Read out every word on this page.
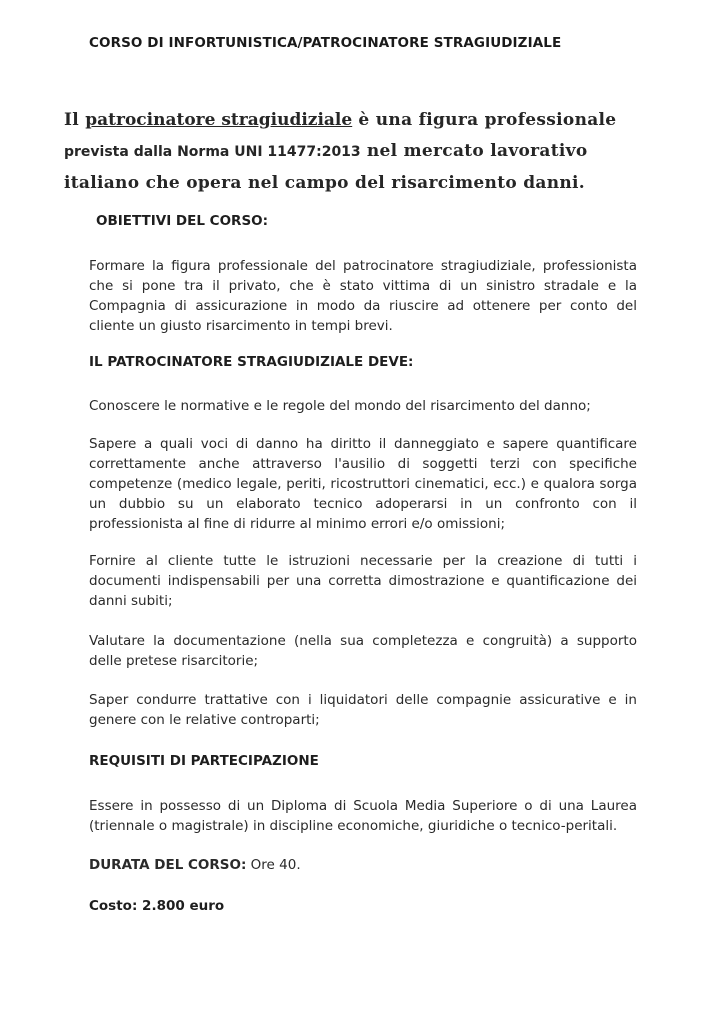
CORSO DI INFORTUNISTICA/PATROCINATORE STRAGIUDIZIALE
Il patrocinatore stragiudiziale è una figura professionale prevista dalla Norma UNI 11477:2013 nel mercato lavorativo italiano che opera nel campo del risarcimento danni.
OBIETTIVI DEL CORSO:
Formare la figura professionale del patrocinatore stragiudiziale, professionista che si pone tra il privato, che è stato vittima di un sinistro stradale e la Compagnia di assicurazione in modo da riuscire ad ottenere per conto del cliente un giusto risarcimento in tempi brevi.
IL PATROCINATORE STRAGIUDIZIALE DEVE:
Conoscere le normative e le regole del mondo del risarcimento del danno;
Sapere a quali voci di danno ha diritto il danneggiato e sapere quantificare correttamente anche attraverso l'ausilio di soggetti terzi con specifiche competenze (medico legale, periti, ricostruttori cinematici, ecc.) e qualora sorga un dubbio su un elaborato tecnico adoperarsi in un confronto con il professionista al fine di ridurre al minimo errori e/o omissioni;
Fornire al cliente tutte le istruzioni necessarie per la creazione di tutti i documenti indispensabili per una corretta dimostrazione e quantificazione dei danni subiti;
Valutare la documentazione (nella sua completezza e congruità) a supporto delle pretese risarcitorie;
Saper condurre trattative con i liquidatori delle compagnie assicurative e in genere con le relative controparti;
REQUISITI DI PARTECIPAZIONE
Essere in possesso di un Diploma di Scuola Media Superiore o di una Laurea (triennale o magistrale) in discipline economiche, giuridiche o tecnico-peritali.
DURATA DEL CORSO: Ore 40.
Costo: 2.800 euro
